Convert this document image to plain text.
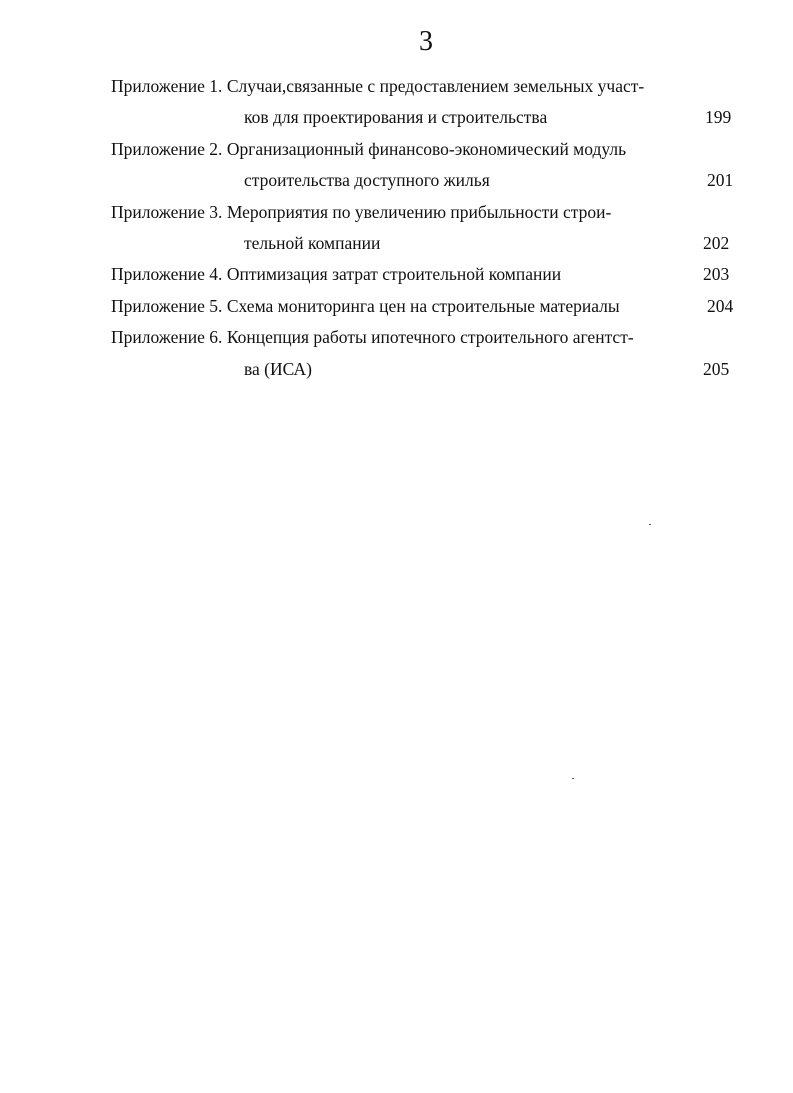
3
Приложение 1. Случаи,связанные с предоставлением земельных участ-
ков для проектирования и строительства	199
Приложение 2. Организационный финансово-экономический модуль
строительства доступного жилья	201
Приложение 3. Мероприятия по увеличению прибыльности строи-
тельной компании	202
Приложение 4. Оптимизация затрат строительной компании	203
Приложение 5. Схема мониторинга цен на строительные материалы	204
Приложение 6. Концепция работы ипотечного строительного агентст-
ва (ИСА)	205
